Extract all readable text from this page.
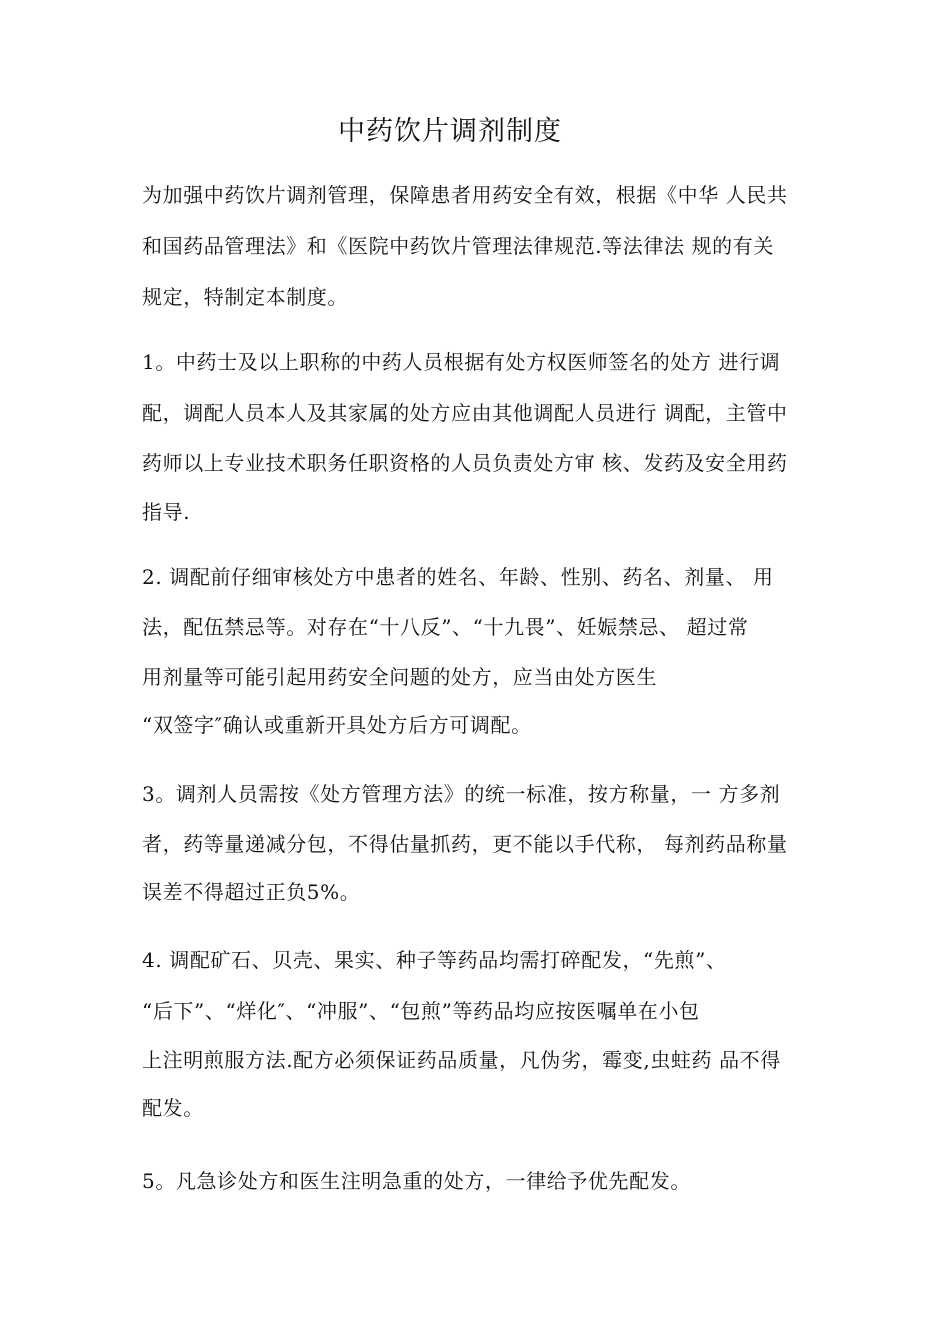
中药饮片调剂制度
为加强中药饮片调剂管理，保障患者用药安全有效，根据《中华 人民共
和国药品管理法》和《医院中药饮片管理法律规范.等法律法 规的有关
规定，特制定本制度。
1。中药士及以上职称的中药人员根据有处方权医师签名的处方 进行调
配，调配人员本人及其家属的处方应由其他调配人员进行 调配，主管中
药师以上专业技术职务任职资格的人员负责处方审 核、发药及安全用药
指导.
2. 调配前仔细审核处方中患者的姓名、年龄、性别、药名、剂量、 用
法，配伍禁忌等。对存在“十八反”、“十九畏”、妊娠禁忌、 超过常
用剂量等可能引起用药安全问题的处方，应当由处方医生
“双签字″确认或重新开具处方后方可调配。
3。调剂人员需按《处方管理方法》的统一标准，按方称量，一 方多剂
者，药等量递减分包，不得估量抓药，更不能以手代称， 每剂药品称量
误差不得超过正负5%。
4. 调配矿石、贝壳、果实、种子等药品均需打碎配发，“先煎”、
“后下”、“烊化″、“冲服”、“包煎”等药品均应按医嘱单在小包
上注明煎服方法.配方必须保证药品质量，凡伪劣，霉变,虫蛀药 品不得
配发。
5。凡急诊处方和医生注明急重的处方，一律给予优先配发。
